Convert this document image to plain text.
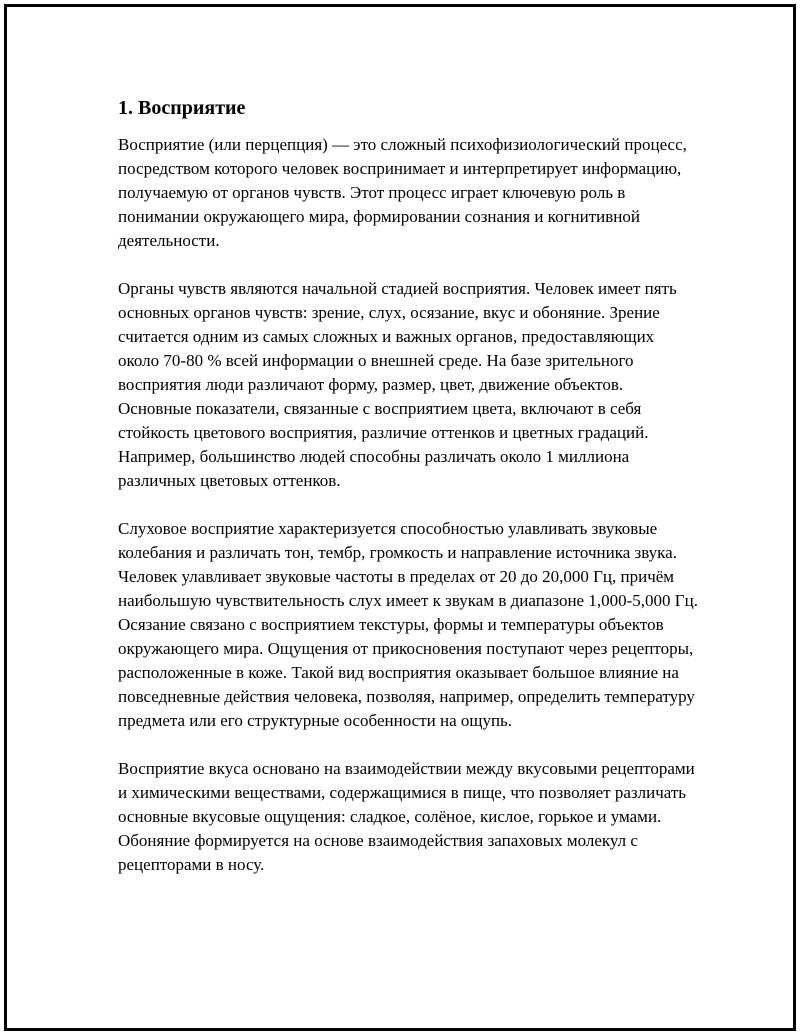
1. Восприятие

Восприятие (или перцепция) — это сложный психофизиологический процесс, посредством которого человек воспринимает и интерпретирует информацию, получаемую от органов чувств. Этот процесс играет ключевую роль в понимании окружающего мира, формировании сознания и когнитивной деятельности.

Органы чувств являются начальной стадией восприятия. Человек имеет пять основных органов чувств: зрение, слух, осязание, вкус и обоняние. Зрение считается одним из самых сложных и важных органов, предоставляющих около 70-80 % всей информации о внешней среде. На базе зрительного восприятия люди различают форму, размер, цвет, движение объектов. Основные показатели, связанные с восприятием цвета, включают в себя стойкость цветового восприятия, различие оттенков и цветных градаций. Например, большинство людей способны различать около 1 миллиона различных цветовых оттенков.

Слуховое восприятие характеризуется способностью улавливать звуковые колебания и различать тон, тембр, громкость и направление источника звука. Человек улавливает звуковые частоты в пределах от 20 до 20,000 Гц, причём наибольшую чувствительность слух имеет к звукам в диапазоне 1,000-5,000 Гц. Осязание связано с восприятием текстуры, формы и температуры объектов окружающего мира. Ощущения от прикосновения поступают через рецепторы, расположенные в коже. Такой вид восприятия оказывает большое влияние на повседневные действия человека, позволяя, например, определить температуру предмета или его структурные особенности на ощупь.

Восприятие вкуса основано на взаимодействии между вкусовыми рецепторами и химическими веществами, содержащимися в пище, что позволяет различать основные вкусовые ощущения: сладкое, солёное, кислое, горькое и умами. Обоняние формируется на основе взаимодействия запаховых молекул с рецепторами в носу.
